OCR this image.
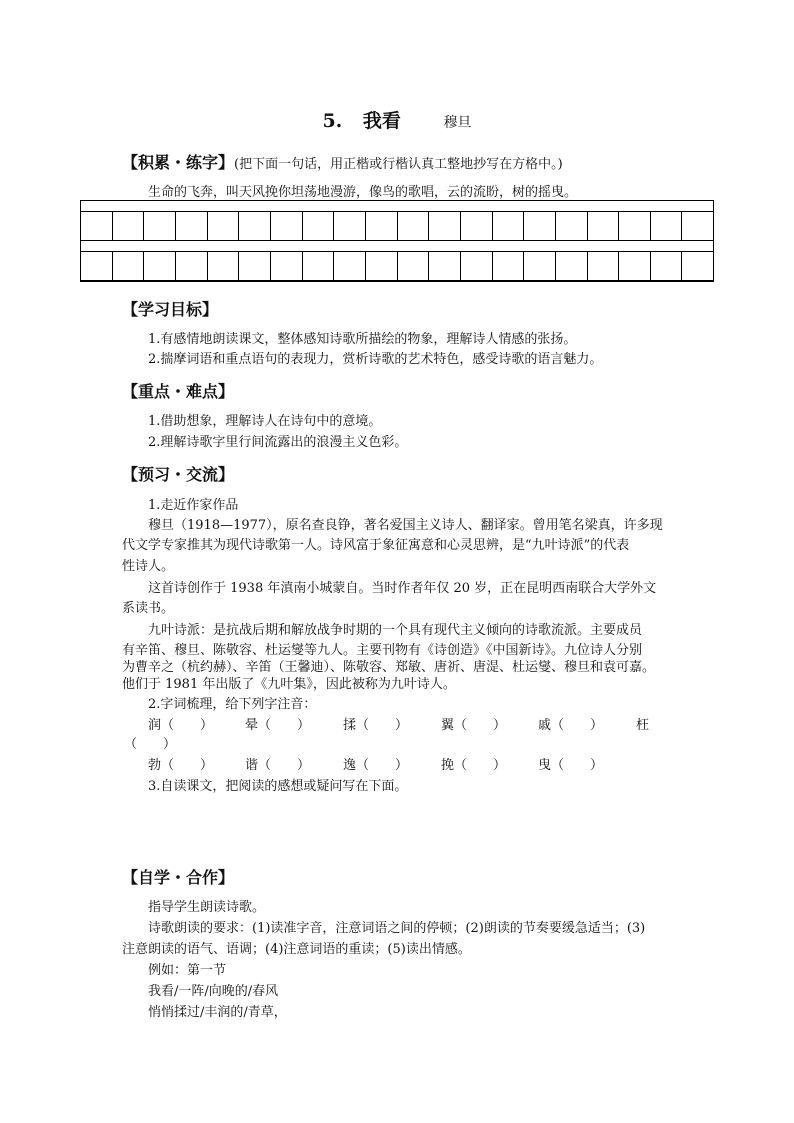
5. 我看	穆旦
【积累・练字】(把下面一句话，用正楷或行楷认真工整地抄写在方格中。)
生命的飞奔，叫天风挽你坦荡地漫游，像鸟的歌唱，云的流盼，树的摇曳。
【学习目标】
1.有感情地朗读课文，整体感知诗歌所描绘的物象，理解诗人情感的张扬。
2.揣摩词语和重点语句的表现力，赏析诗歌的艺术特色，感受诗歌的语言魅力。
【重点・难点】
1.借助想象，理解诗人在诗句中的意境。
2.理解诗歌字里行间流露出的浪漫主义色彩。
【预习・交流】
1.走近作家作品
穆旦（1918—1977），原名查良铮，著名爱国主义诗人、翻译家。曾用笔名梁真，许多现
代文学专家推其为现代诗歌第一人。诗风富于象征寓意和心灵思辨，是“九叶诗派”的代表
性诗人。
这首诗创作于 1938 年滇南小城蒙自。当时作者年仅 20 岁，正在昆明西南联合大学外文
系读书。
九叶诗派：是抗战后期和解放战争时期的一个具有现代主义倾向的诗歌流派。主要成员
有辛笛、穆旦、陈敬容、杜运燮等九人。主要刊物有《诗创造》《中国新诗》。九位诗人分别
为曹辛之（杭约赫）、辛笛（王馨迪）、陈敬容、郑敏、唐祈、唐湜、杜运燮、穆旦和袁可嘉。
他们于 1981 年出版了《九叶集》，因此被称为九叶诗人。
2.字词梳理，给下列字注音：
润（　　） 晕（　　）	揉（　　）	翼（　　） 戚（　　）	枉
（　　）
勃（　　） 谐（　　）	逸（　　）	挽（　　） 曳（　　）
3.自读课文，把阅读的感想或疑问写在下面。
【自学・合作】
指导学生朗读诗歌。
诗歌朗读的要求：(1)读准字音，注意词语之间的停顿；(2)朗读的节奏要缓急适当；(3)
注意朗读的语气、语调；(4)注意词语的重读；(5)读出情感。
例如：第一节
我看/一阵/向晚的/春风
悄悄揉过/丰润的/青草，
